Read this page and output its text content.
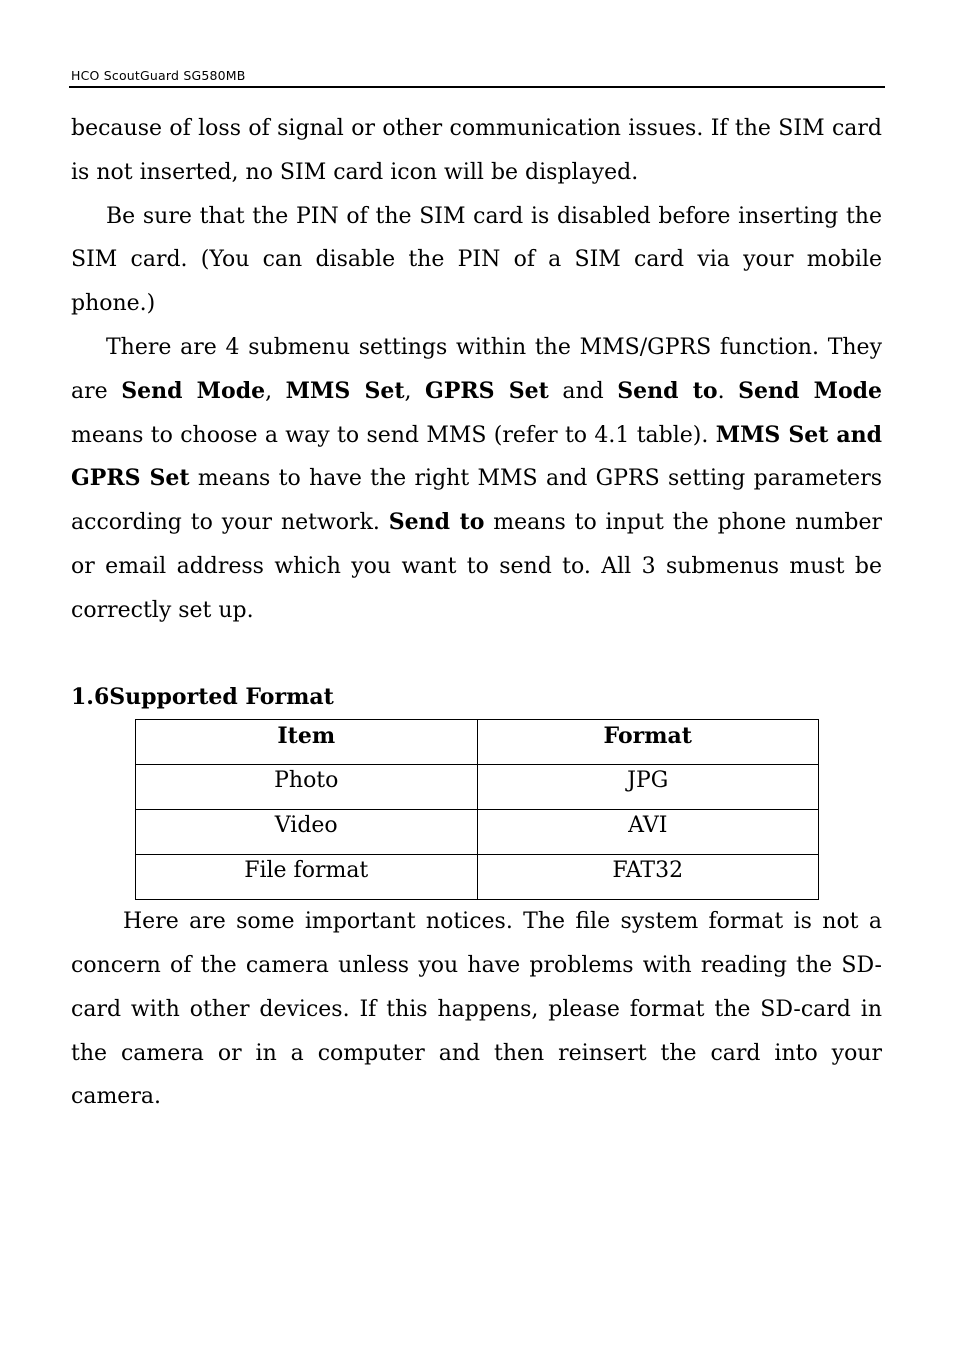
HCO ScoutGuard SG580MB

because of loss of signal or other communication issues. If the SIM card is not inserted, no SIM card icon will be displayed.

Be sure that the PIN of the SIM card is disabled before inserting the SIM card. (You can disable the PIN of a SIM card via your mobile phone.)

There are 4 submenu settings within the MMS/GPRS function. They are Send Mode, MMS Set, GPRS Set and Send to. Send Mode means to choose a way to send MMS (refer to 4.1 table). MMS Set and GPRS Set means to have the right MMS and GPRS setting parameters according to your network. Send to means to input the phone number or email address which you want to send to. All 3 submenus must be correctly set up.

1.6Supported Format

Item	Format
Photo	JPG
Video	AVI
File format	FAT32

Here are some important notices. The file system format is not a concern of the camera unless you have problems with reading the SD-card with other devices. If this happens, please format the SD-card in the camera or in a computer and then reinsert the card into your camera.
